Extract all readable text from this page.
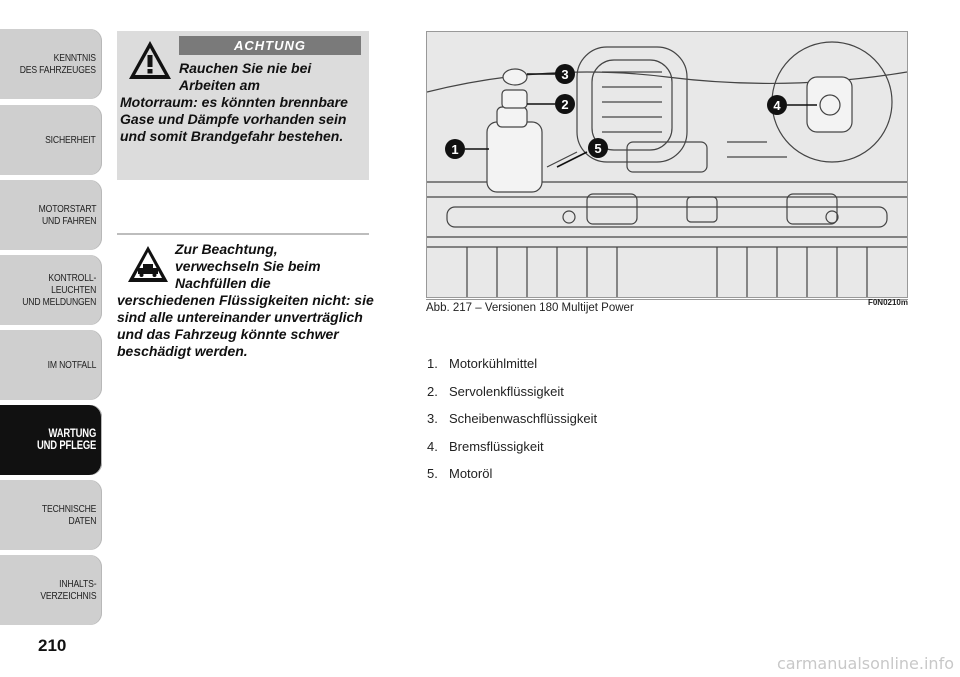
KENNTNIS
DES FAHRZEUGES
SICHERHEIT
MOTORSTART
UND FAHREN
KONTROLL-
LEUCHTEN
UND MELDUNGEN
IM NOTFALL
WARTUNG
UND PFLEGE
TECHNISCHE
DATEN
INHALTS-
VERZEICHNIS
210
ACHTUNG
Rauchen Sie nie bei
Arbeiten am
Motorraum: es könnten brennbare Gase und Dämpfe vorhanden sein und somit Brandgefahr bestehen.
Zur Beachtung,
verwechseln Sie beim
Nachfüllen die
verschiedenen Flüssigkeiten nicht: sie sind alle untereinander unverträglich und das Fahrzeug könnte schwer beschädigt werden.
1
2
3
4
5
Abb. 217 – Versionen 180 Multijet Power	F0N0210m
1. Motorkühlmittel
2. Servolenkflüssigkeit
3. Scheibenwaschflüssigkeit
4. Bremsflüssigkeit
5. Motoröl
carmanualsonline.info
